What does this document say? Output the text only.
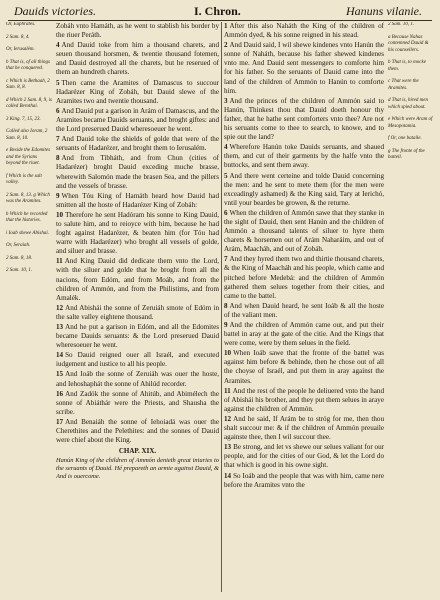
Dauids victories.	I. Chron.	Hanuns vilanie.
Or, Euphrates.
2 Sam. 8, 4.
Or, Ierusalém.
b That is, of all things that he conquered.
c Which is Bethaah, 2 Sam. 8, 8.
d Which 2 Sam. 8, 9, is called Berothai.
3 King. 7, 15, 23.
Called also Ioram, 2 Sam. 8, 10.
e Beside the Edomites and the Syrians beyond the riuer.
f Which is the salt valley.
2 Sam. 8, 13. g Which was the Aramites.
h Which he recorded that the histories.
i Ioab shewe Abishai.
Or, Seraiah.
2 Sam. 8, 18.
2 Sam. 10, 1.
Zobáh vnto Hamáth, as he went to stablish his border by the riuer Peráth.
4 And Dauid toke from him a thousand charets, and seuen thousand horsmen, & twentie thousand fotemen, and Dauid destroyed all the charets, but he reserued of them an hundreth charets.
5 Then came the Aramites of Damascus to succour Hadarézer King of Zobáh, but Dauid slewe of the Aramites two and twentie thousand.
6 And Dauid put a garison in Arám of Damascus, and the Aramites became Dauids seruants, and broght giftes: and the Lord preserued Dauid wheresoeuer he went.
7 And Dauid toke the shields of golde that were of the seruants of Hadarézer, and broght them to Ierusalém.
8 And from Tibháth, and from Chun (cities of Hadarézer) broght Dauid exceding muche brasse, wherewith Salomón made the brasen Sea, and the pillers and the vessels of brasse.
9 When Tóu King of Hamáth heard how Dauid had smitten all the hoste of Hadarézer King of Zobáh:
10 Therefore he sent Hadóram his sonne to King Dauid, to salute him, and to reioyce with him, because he had foght against Hadarézer, & beaten him (for Tóu had warre with Hadarézer) who broght all vessels of golde, and siluer and brasse.
11 And King Dauid did dedicate them vnto the Lord, with the siluer and golde that he broght from all the nacions, from Edóm, and from Moáb, and from the children of Ammón, and from the Philistims, and from Amalék.
12 And Abishái the sonne of Zeruiáh smote of Edóm in the salte valley eightene thousand.
13 And he put a garison in Edóm, and all the Edomites became Dauids seruants: & the Lord preserued Dauid wheresoeuer he went.
14 So Dauid reigned ouer all Israél, and executed iudgement and iustice to all his people.
15 And Ioáb the sonne of Zeruiáh was ouer the hoste, and Iehoshaphát the sonne of Ahilúd recorder.
16 And Zadók the sonne of Ahitúb, and Abimélech the sonne of Abiáthár were the Priests, and Shausha the scribe.
17 And Benaiáh the sonne of Iehoiadá was ouer the Cherethites and the Pelethites: and the sonnes of Dauid were chief about the King.
CHAP. XIX.
Hanún King of the children of Ammón denieth great iniuries to the seruants of Dauid. Hé prepareth an armie against Dauid, & And is ouercome.
1 After this also Naháth the King of the children of Ammón dyed, & his sonne reigned in his stead.
2 And Dauid said, I wil shewe kindenes vnto Hanún the sonne of Naháth, because his father shewed kindenes vnto me. And Dauid sent messengers to comforte him for his father. So the seruants of Dauid came into the land of the children of Ammón to Hanún to comforte him.
3 And the princes of the children of Ammón said to Hanún, Thinkest thou that Dauid doeth honour thy father, that he hathe sent comforters vnto thee? Are not his seruants come to thee to search, to knowe, and to spie out the land?
4 Wherefore Hanún toke Dauids seruants, and shaued them, and cut of their garments by the halfe vnto the buttocks, and sent them away.
5 And there went certeine and tolde Dauid concerning the men: and he sent to mete them (for the men were exceadingly ashamed) & the King said, Tary at Ierichó, vntil your beardes be growen, & the returne.
6 When the children of Ammón sawe that they stanke in the sight of Dauid, then sent Hanún and the children of Ammón a thousand talents of siluer to hyre them charets & horsemen out of Arám Naharáim, and out of Arám, Maacháh, and out of Zobáh.
7 And they hyred them two and thirtie thousand charets, & the King of Maacháh and his people, which came and pitched before Medebá: and the children of Ammón gathered them selues together from their cities, and came to the battel.
8 And when Dauid heard, he sent Ioáb & all the hoste of the valiant men.
9 And the children of Ammón came out, and put their battel in aray at the gate of the citie. And the Kings that were come, were by them selues in the field.
10 When Ioáb sawe that the fronte of the battel was against him before & behinde, then he chose out of all the choyse of Israél, and put them in aray against the Aramites.
11 And the rest of the people he deliuered vnto the hand of Abishái his brother, and they put them selues in araye against the children of Ammón.
12 And he said, If Arám be to stróg for me, then thou shalt succour me: & if the children of Ammón preuaile againste thee, then I wil succour thee.
13 Be strong, and let vs shewe our selues valiant for our people, and for the cities of our God, & let the Lord do that which is good in his owne sight.
14 So Ioáb and the people that was with him, came nere before the Aramites vnto the
2 Sam. 10, 1.
a Because Nahas contemned Dauid & his counsellers.
b That is, to mocke them.
c That were the Aramites.
d That is, hired men which spied about.
e Which were Aram of Mesopotamia.
f Or, one bataile.
g The fronte of the battell.
